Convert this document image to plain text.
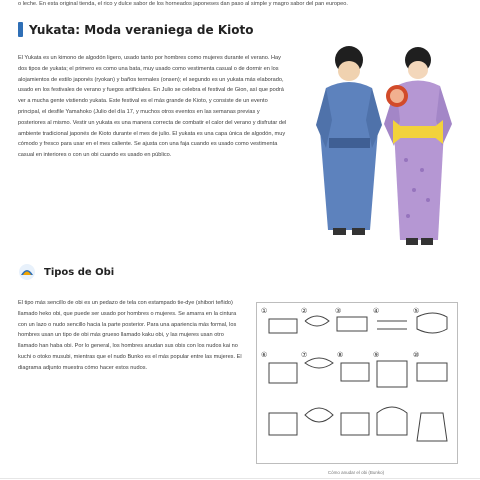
o leche. En esta original tienda, el rico y dulce sabor de los horneados japoneses dan paso al simple y magro sabor del pan europeo.
Yukata: Moda veraniega de Kioto
El Yukata es un kimono de algodón ligero, usado tanto por hombres como mujeres durante el verano. Hay dos tipos de yukata; el primero es como una bata, muy usado como vestimenta casual o de dormir en los alojamientos de estilo japonés (ryokan) y baños termales (onsen); el segundo es un yukata más elaborado, usado en los festivales de verano y fuegos artificiales. En Julio se celebra el festival de Gion, así que podrá ver a mucha gente vistiendo yukata. Este festival es el más grande de Kioto, y consiste de un evento principal, el desfile Yamahoko (Julio del día 17, y muchos otros eventos en las semanas previas y posteriores al mismo. Vestir un yukata es una manera correcta de combatir el calor del verano y disfrutar del ambiente tradicional japonés de Kioto durante el mes de julio. El yukata es una capa única de algodón, muy cómodo y fresco para usar en el mes caliente. Se ajusta con una faja cuando es usado como vestimenta casual en interiores o con un obi cuando es usado en público.
Tipos de Obi
El tipo más sencillo de obi es un pedazo de tela con estampado tie-dye (shibori teñido) llamado heko obi, que puede ser usado por hombres o mujeres. Se amarra en la cintura con un lazo o nudo sencillo hacia la parte posterior. Para una apariencia más formal, los hombres usan un tipo de obi más grueso llamado kaku obi, y las mujeres usan otro llamado han haba obi. Por lo general, los hombres anudan sus obis con los nudos kai no kuchi o otoko musubi, mientras que el nudo Bunko es el más popular entre las mujeres. El diagrama adjunto muestra cómo hacer estos nudos.
①	②	③	④	⑤
⑥	⑦	⑧	⑨	⑩
Cómo anudar el obi (Bunko)
